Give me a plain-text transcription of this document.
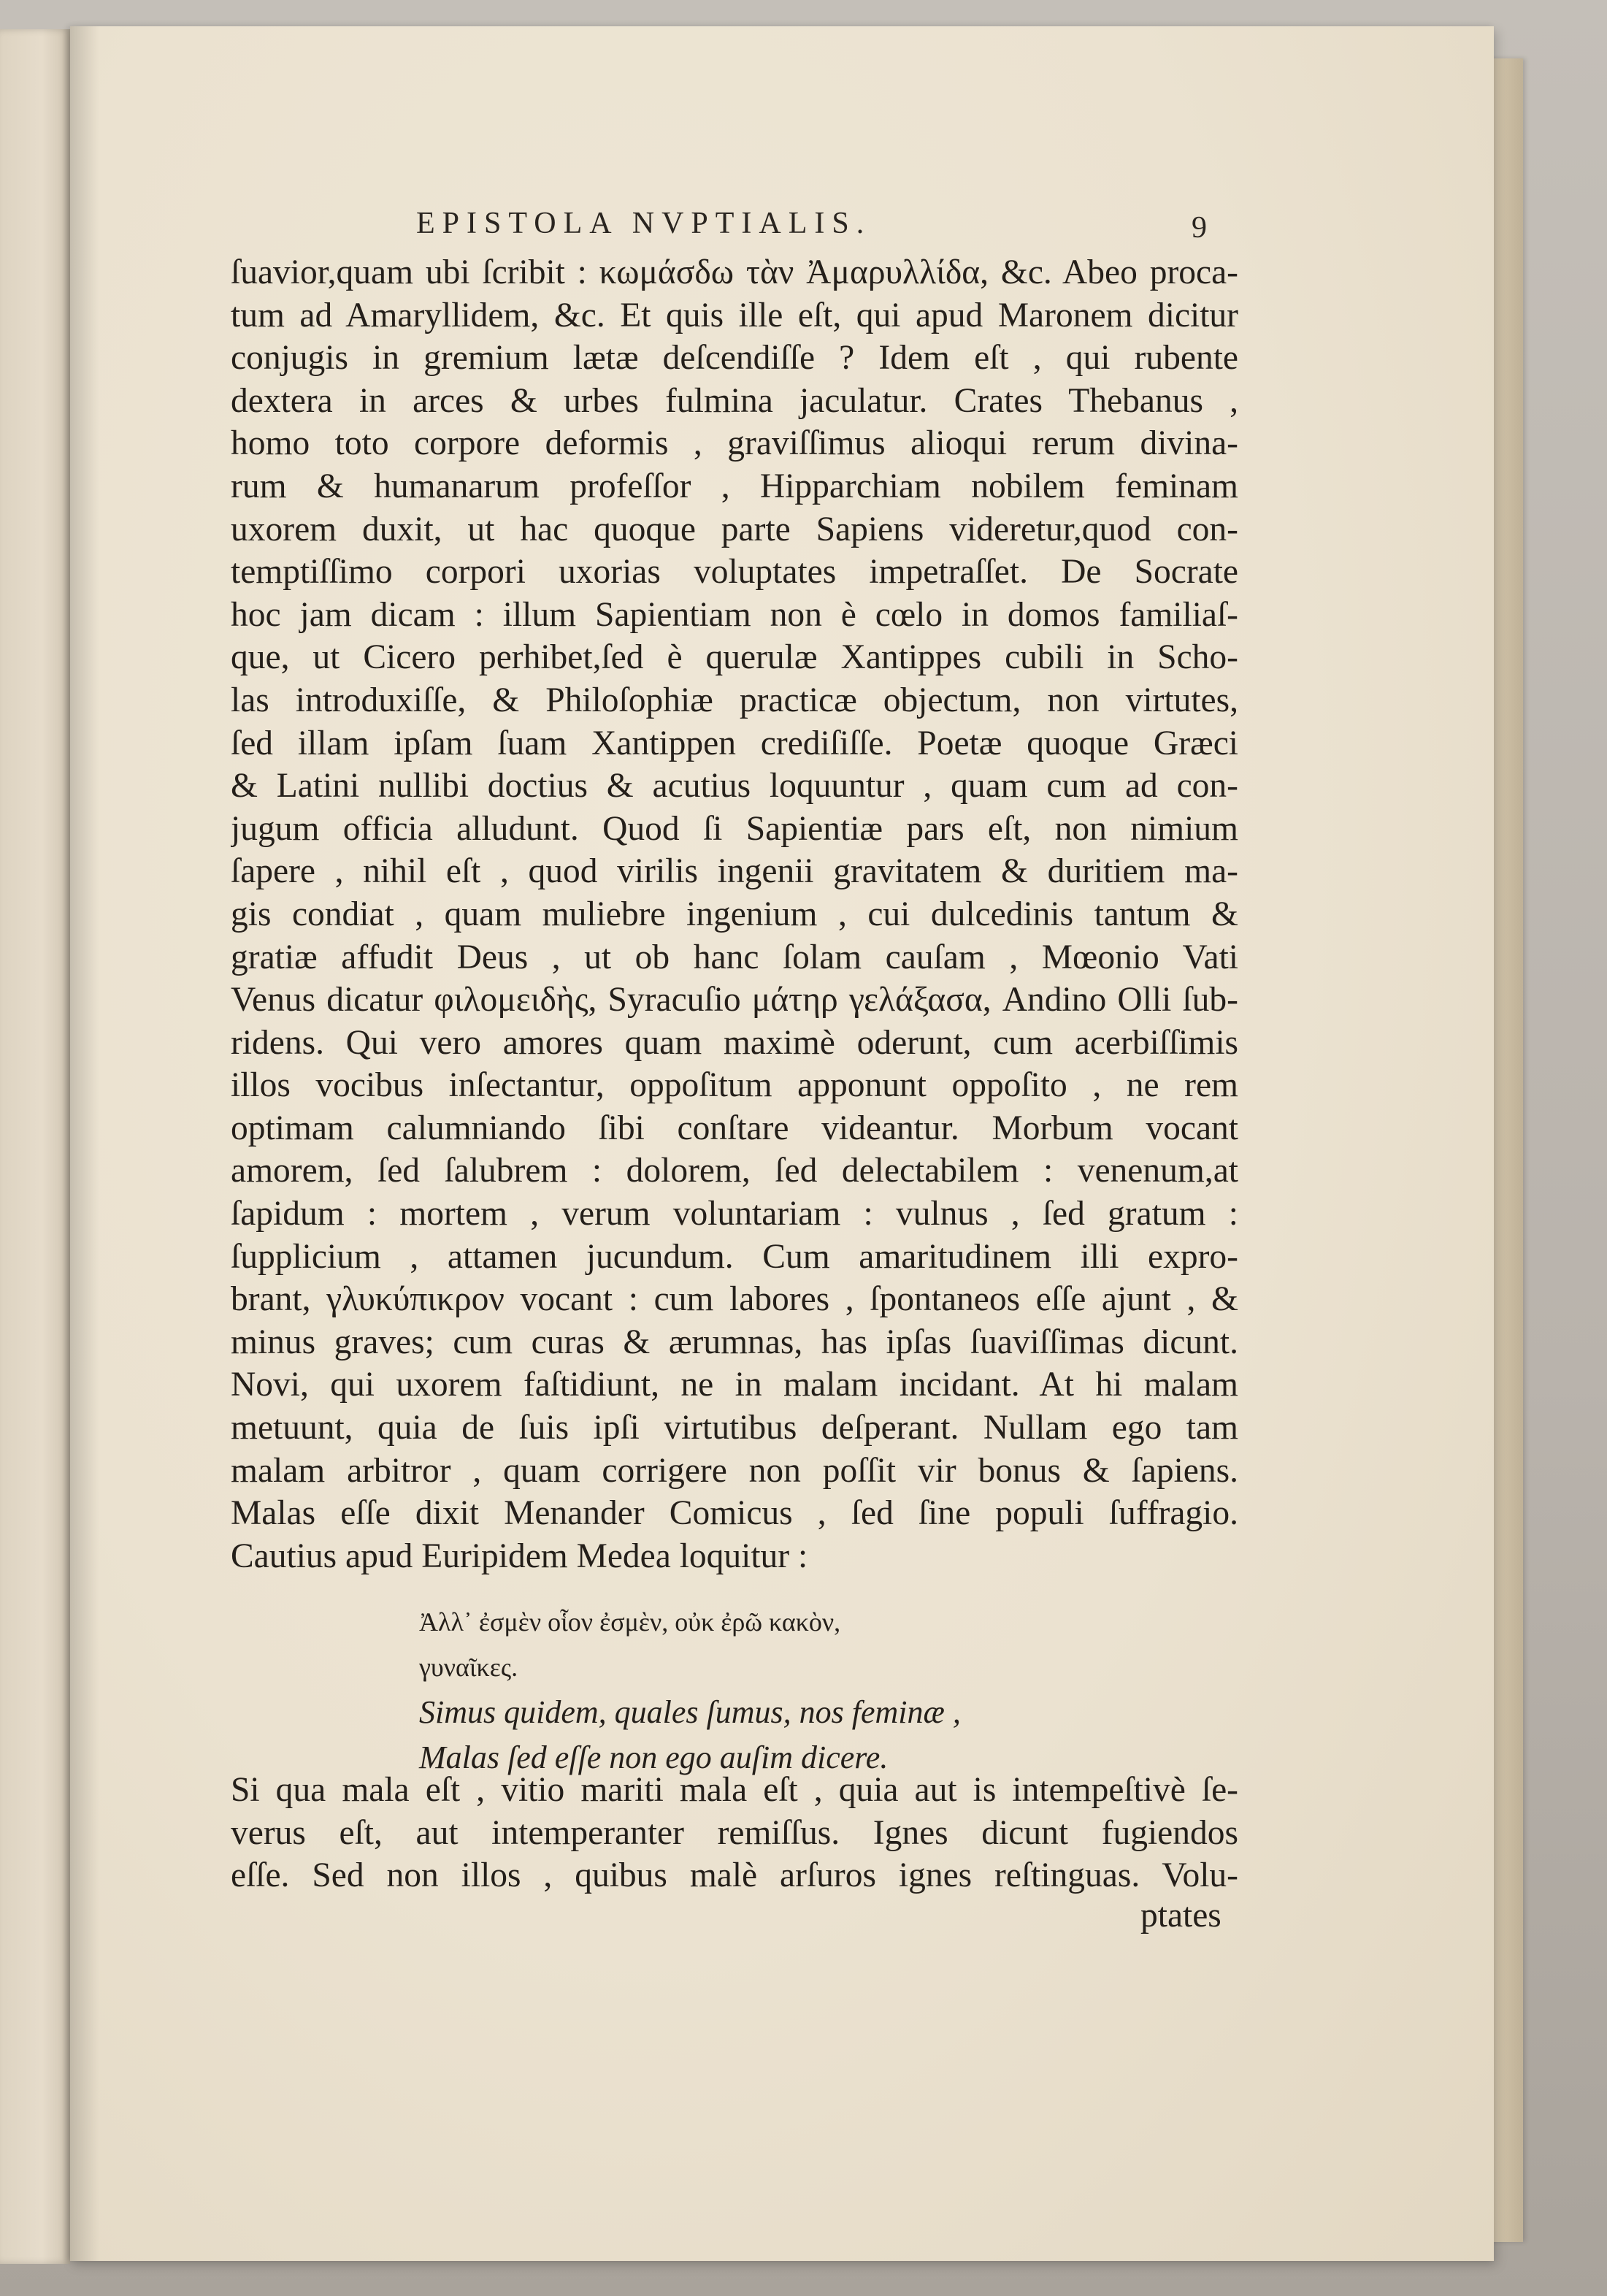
EPISTOLA NVPTIALIS.	9
ſuavior,quam ubi ſcribit : κωμάσδω τὰν Ἀμαρυλλίδα, &c. Abeo proca-
tum ad Amaryllidem, &c. Et quis ille eſt, qui apud Maronem dicitur
conjugis in gremium lætæ deſcendiſſe ? Idem eſt , qui rubente
dextera in arces & urbes fulmina jaculatur. Crates Thebanus ,
homo toto corpore deformis , graviſſimus alioqui rerum divina-
rum & humanarum profeſſor , Hipparchiam nobilem feminam
uxorem duxit, ut hac quoque parte Sapiens videretur,quod con-
temptiſſimo corpori uxorias voluptates impetraſſet. De Socrate
hoc jam dicam : illum Sapientiam non è cœlo in domos familiaſ-
que, ut Cicero perhibet,ſed è querulæ Xantippes cubili in Scho-
las introduxiſſe, & Philoſophiæ practicæ objectum, non virtutes,
ſed illam ipſam ſuam Xantippen crediſiſſe. Poetæ quoque Græci
& Latini nullibi doctius & acutius loquuntur , quam cum ad con-
jugum officia alludunt. Quod ſi Sapientiæ pars eſt, non nimium
ſapere , nihil eſt , quod virilis ingenii gravitatem & duritiem ma-
gis condiat , quam muliebre ingenium , cui dulcedinis tantum &
gratiæ affudit Deus , ut ob hanc ſolam cauſam , Mœonio Vati
Venus dicatur φιλομειδὴς, Syracuſio μάτηρ γελάξασα, Andino Olli ſub-
ridens. Qui vero amores quam maximè oderunt, cum acerbiſſimis
illos vocibus inſectantur, oppoſitum apponunt oppoſito , ne rem
optimam calumniando ſibi conſtare videantur. Morbum vocant
amorem, ſed ſalubrem : dolorem, ſed delectabilem : venenum,at
ſapidum : mortem , verum voluntariam : vulnus , ſed gratum :
ſupplicium , attamen jucundum. Cum amaritudinem illi expro-
brant, γλυκύπικρον vocant : cum labores , ſpontaneos eſſe ajunt , &
minus graves; cum curas & ærumnas, has ipſas ſuaviſſimas dicunt.
Novi, qui uxorem faſtidiunt, ne in malam incidant. At hi malam
metuunt, quia de ſuis ipſi virtutibus deſperant. Nullam ego tam
malam arbitror , quam corrigere non poſſit vir bonus & ſapiens.
Malas eſſe dixit Menander Comicus , ſed ſine populi ſuffragio.
Cautius apud Euripidem Medea loquitur :
Ἀλλ᾽ ἐσμὲν οἷον ἐσμὲν, οὐκ ἐρῶ κακὸν,
γυναῖκες.
Simus quidem, quales ſumus, nos feminæ ,
Malas ſed eſſe non ego auſim dicere.
Si qua mala eſt , vitio mariti mala eſt , quia aut is intempeſtivè ſe-
verus eſt, aut intemperanter remiſſus. Ignes dicunt fugiendos
eſſe. Sed non illos , quibus malè arſuros ignes reſtinguas. Volu-
ptates
